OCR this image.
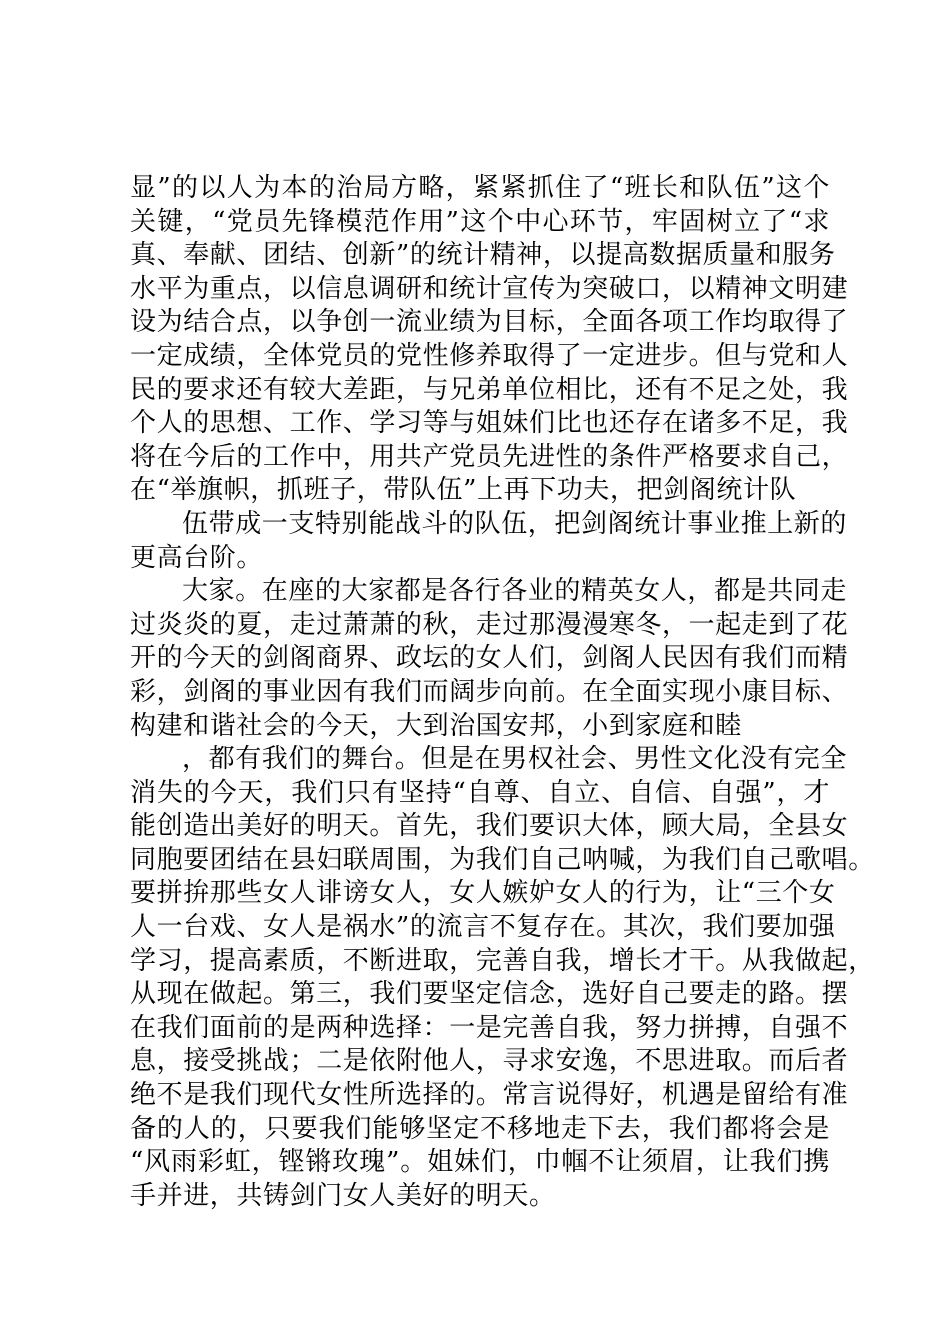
显”的以人为本的治局方略，紧紧抓住了“班长和队伍”这个
关键，“党员先锋模范作用”这个中心环节，牢固树立了“求
真、奉献、团结、创新”的统计精神，以提高数据质量和服务
水平为重点，以信息调研和统计宣传为突破口，以精神文明建
设为结合点，以争创一流业绩为目标，全面各项工作均取得了
一定成绩，全体党员的党性修养取得了一定进步。但与党和人
民的要求还有较大差距，与兄弟单位相比，还有不足之处，我
个人的思想、工作、学习等与姐妹们比也还存在诸多不足，我
将在今后的工作中，用共产党员先进性的条件严格要求自己，
在“举旗帜，抓班子，带队伍”上再下功夫，把剑阁统计队
伍带成一支特别能战斗的队伍，把剑阁统计事业推上新的
更高台阶。
大家。在座的大家都是各行各业的精英女人，都是共同走
过炎炎的夏，走过萧萧的秋，走过那漫漫寒冬，一起走到了花
开的今天的剑阁商界、政坛的女人们，剑阁人民因有我们而精
彩，剑阁的事业因有我们而阔步向前。在全面实现小康目标、
构建和谐社会的今天，大到治国安邦，小到家庭和睦
，都有我们的舞台。但是在男权社会、男性文化没有完全
消失的今天，我们只有坚持“自尊、自立、自信、自强”，才
能创造出美好的明天。首先，我们要识大体，顾大局，全县女
同胞要团结在县妇联周围，为我们自己呐喊，为我们自己歌唱。
要拼拚那些女人诽谤女人，女人嫉妒女人的行为，让“三个女
人一台戏、女人是祸水”的流言不复存在。其次，我们要加强
学习，提高素质，不断进取，完善自我，增长才干。从我做起，
从现在做起。第三，我们要坚定信念，选好自己要走的路。摆
在我们面前的是两种选择：一是完善自我，努力拼搏，自强不
息，接受挑战；二是依附他人，寻求安逸，不思进取。而后者
绝不是我们现代女性所选择的。常言说得好，机遇是留给有准
备的人的，只要我们能够坚定不移地走下去，我们都将会是
“风雨彩虹，铿锵玫瑰”。姐妹们，巾帼不让须眉，让我们携
手并进，共铸剑门女人美好的明天。
